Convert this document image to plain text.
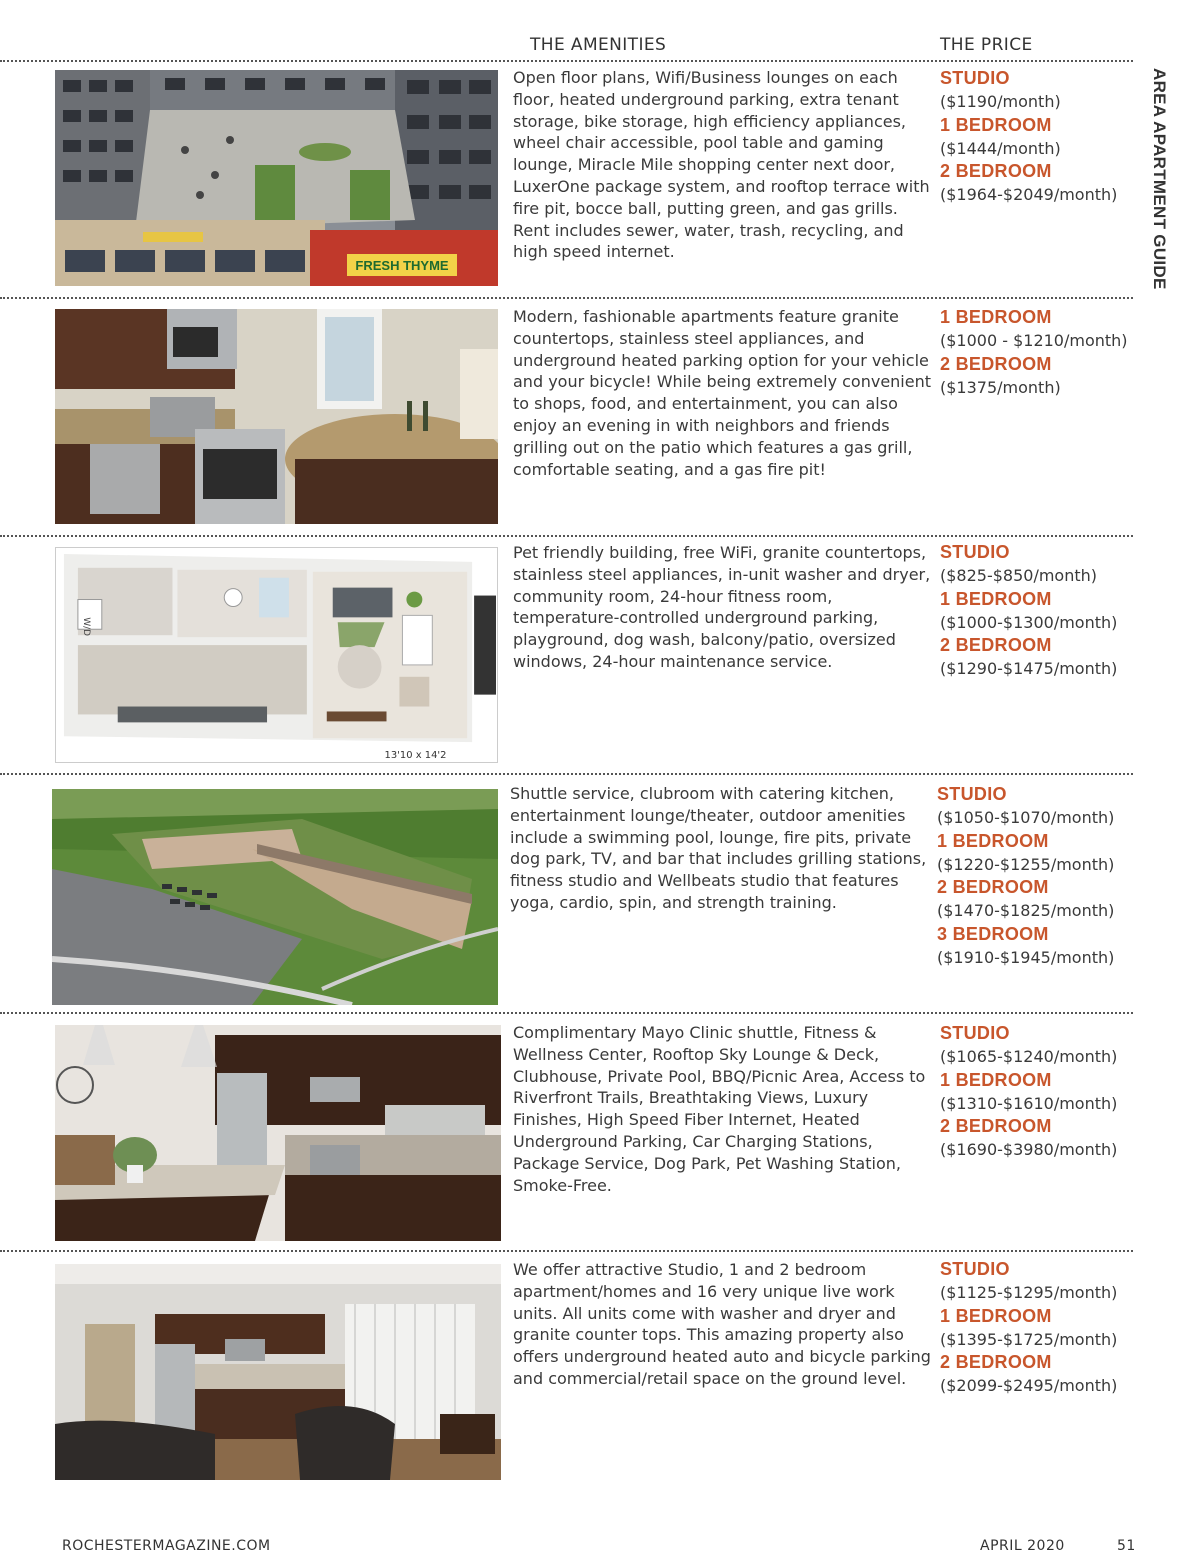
THE AMENITIES	THE PRICE
AREA APARTMENT GUIDE
FRESH THYME

Open floor plans, Wifi/Business lounges on each floor, heated underground parking, extra tenant storage, bike storage, high efficiency appliances, wheel chair accessible, pool table and gaming lounge, Miracle Mile shopping center next door, LuxerOne package system, and rooftop terrace with fire pit, bocce ball, putting green, and gas grills. Rent includes sewer, water, trash, recycling, and high speed internet.

STUDIO
($1190/month)
1 BEDROOM
($1444/month)
2 BEDROOM
($1964-$2049/month)

Modern, fashionable apartments feature granite countertops, stainless steel appliances, and underground heated parking option for your vehicle and your bicycle! While being extremely convenient to shops, food, and entertainment, you can also enjoy an evening in with neighbors and friends grilling out on the patio which features a gas grill, comfortable seating, and a gas fire pit!

1 BEDROOM
($1000 - $1210/month)
2 BEDROOM
($1375/month)
W/D
13'10 x 14'2

Pet friendly building, free WiFi, granite countertops, stainless steel appliances, in-unit washer and dryer, community room, 24-hour fitness room, temperature-controlled underground parking, playground, dog wash, balcony/patio, oversized windows, 24-hour maintenance service.

STUDIO
($825-$850/month)
1 BEDROOM
($1000-$1300/month)
2 BEDROOM
($1290-$1475/month)

Shuttle service, clubroom with catering kitchen, entertainment lounge/theater, outdoor amenities include a swimming pool, lounge, fire pits, private dog park, TV, and bar that includes grilling stations, fitness studio and Wellbeats studio that features yoga, cardio, spin, and strength training.

STUDIO
($1050-$1070/month)
1 BEDROOM
($1220-$1255/month)
2 BEDROOM
($1470-$1825/month)
3 BEDROOM
($1910-$1945/month)

Complimentary Mayo Clinic shuttle, Fitness & Wellness Center, Rooftop Sky Lounge & Deck, Clubhouse, Private Pool, BBQ/Picnic Area, Access to Riverfront Trails, Breathtaking Views, Luxury Finishes, High Speed Fiber Internet, Heated Underground Parking, Car Charging Stations, Package Service, Dog Park, Pet Washing Station, Smoke-Free.

STUDIO
($1065-$1240/month)
1 BEDROOM
($1310-$1610/month)
2 BEDROOM
($1690-$3980/month)

We offer attractive Studio, 1 and 2 bedroom apartment/homes and 16 very unique live work units. All units come with washer and dryer and granite counter tops. This amazing property also offers underground heated auto and bicycle parking and commercial/retail space on the ground level.

STUDIO
($1125-$1295/month)
1 BEDROOM
($1395-$1725/month)
2 BEDROOM
($2099-$2495/month)
ROCHESTERMAGAZINE.COM	APRIL 2020	51
